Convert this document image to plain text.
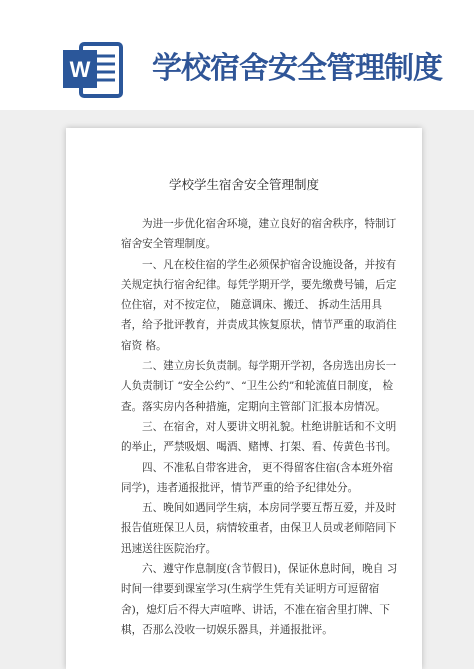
W 学校宿舍安全管理制度
学校学生宿舍安全管理制度

为进一步优化宿舍环境，建立良好的宿舍秩序，特制订 宿舍安全管理制度。

一、凡在校住宿的学生必须保护宿舍设施设备，并按有 关规定执行宿舍纪律。每凭学期开学，要先缴费号铺，后定 位住宿，对不按定位， 随意调床、搬迁、 拆动生活用具者，给予批评教育，并责成其恢复原状，情节严重的取消住宿资 格。

二、建立房长负责制。每学期开学初，各房选出房长一 人负责制订 “安全公约”、“卫生公约”和轮流值日制度， 检查。落实房内各种措施，定期向主管部门汇报本房情况。

三、在宿舍，对人要讲文明礼貌。杜绝讲脏话和不文明 的举止，严禁吸烟、喝酒、赌博、打架、看、传黄色书刊。

四、不准私自带客进舍， 更不得留客住宿(含本班外宿 同学)，违者通报批评，情节严重的给予纪律处分。

五、晚间如遇同学生病，本房同学要互帮互爱，并及时 报告值班保卫人员，病情较重者，由保卫人员或老师陪同下 迅速送往医院治疗。

六、遵守作息制度(含节假日)，保证休息时间，晚自 习时间一律要到课室学习(生病学生凭有关证明方可逗留宿 舍)，熄灯后不得大声喧哗、讲话，不准在宿舍里打牌、下 棋，否那么没收一切娱乐器具，并通报批评。
